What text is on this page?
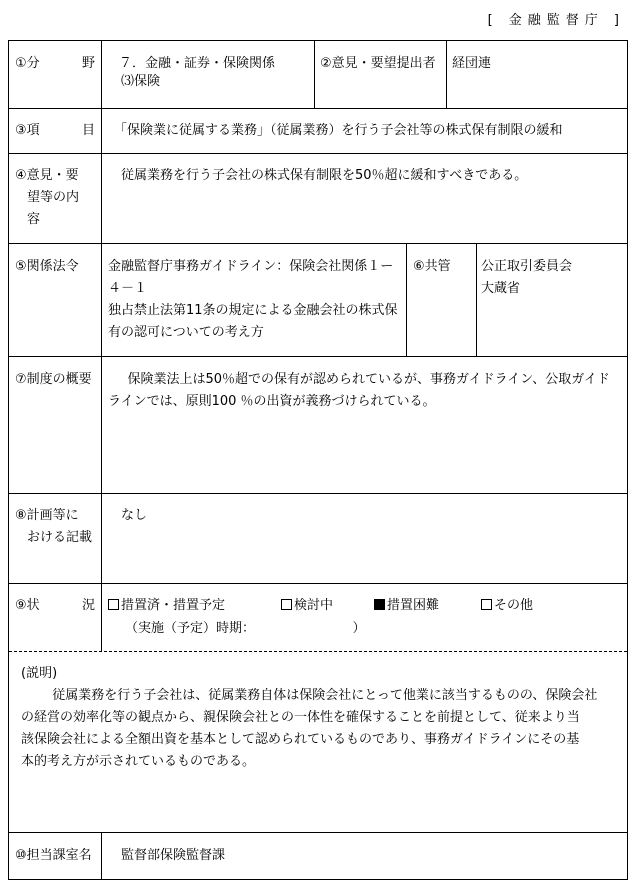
[ 金融監督庁 ]
①分	野 ７．金融・証券・保険関係
⑶保険
②意見・要望提出者 経団連
③項	目 「保険業に従属する業務」（従属業務）を行う子会社等の株式保有制限の緩和
④意見・要
望等の内
容
従属業務を行う子会社の株式保有制限を50％超に緩和すべきである。
⑤関係法令 金融監督庁事務ガイドライン：保険会社関係１ー
４－１
独占禁止法第11条の規定による金融会社の株式保
有の認可についての考え方
⑥共管 公正取引委員会
大蔵省
⑦制度の概要	保険業法上は50％超での保有が認められているが、事務ガイドライン、公取ガイド
ラインでは、原則100 ％の出資が義務づけられている。
⑧計画等に
おける記載
なし
⑨状	況	措置済・措置予定	検討中	措置困難	その他
（実施（予定）時期：　　　　　　　　）
(説明)
従属業務を行う子会社は、従属業務自体は保険会社にとって他業に該当するものの、保険会社
の経営の効率化等の観点から、親保険会社との一体性を確保することを前提として、従来より当
該保険会社による全額出資を基本として認められているものであり、事務ガイドラインにその基
本的考え方が示されているものである。
⑩担当課室名 監督部保険監督課
